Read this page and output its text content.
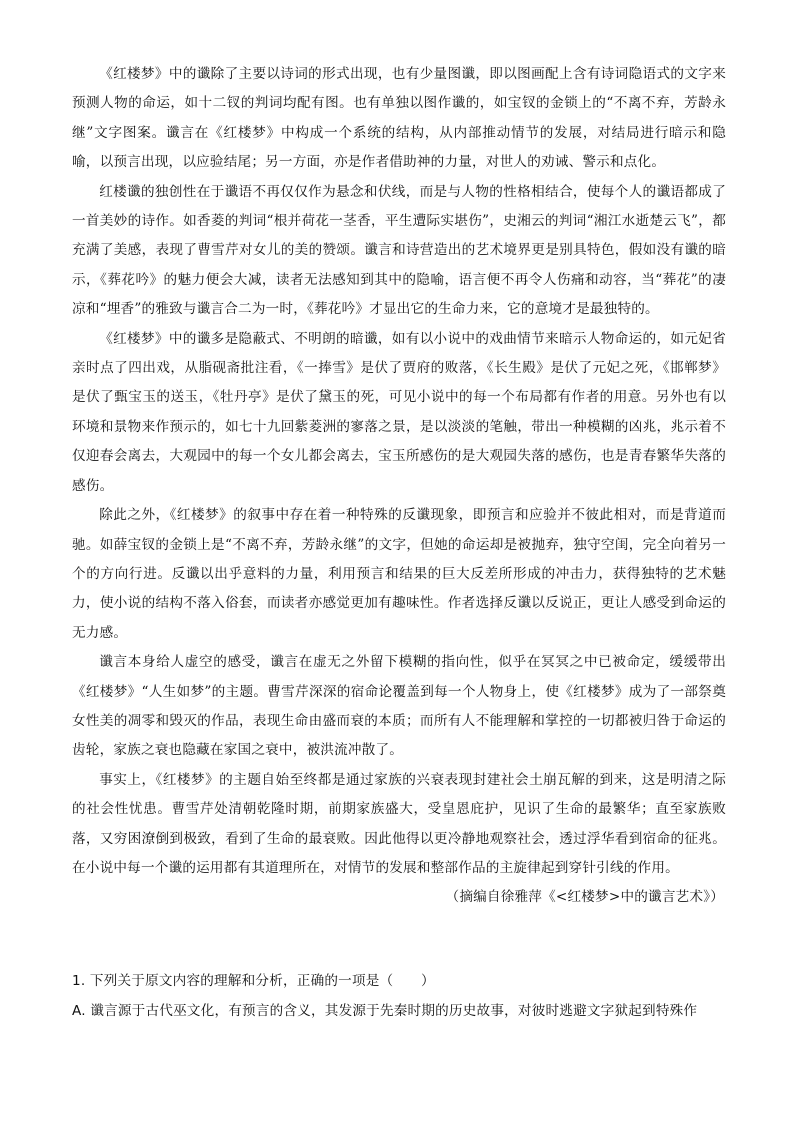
《红楼梦》中的谶除了主要以诗词的形式出现，也有少量图谶，即以图画配上含有诗词隐语式的文字来预测人物的命运，如十二钗的判词均配有图。也有单独以图作谶的，如宝钗的金锁上的“不离不弃，芳龄永继”文字图案。谶言在《红楼梦》中构成一个系统的结构，从内部推动情节的发展，对结局进行暗示和隐喻，以预言出现，以应验结尾；另一方面，亦是作者借助神的力量，对世人的劝诫、警示和点化。

红楼谶的独创性在于谶语不再仅仅作为悬念和伏线，而是与人物的性格相结合，使每个人的谶语都成了一首美妙的诗作。如香菱的判词“根并荷花一茎香，平生遭际实堪伤”，史湘云的判词“湘江水逝楚云飞”，都充满了美感，表现了曹雪芹对女儿的美的赞颂。谶言和诗营造出的艺术境界更是别具特色，假如没有谶的暗示，《葬花吟》的魅力便会大减，读者无法感知到其中的隐喻，语言便不再令人伤痛和动容，当“葬花”的凄凉和“埋香”的雅致与谶言合二为一时，《葬花吟》才显出它的生命力来，它的意境才是最独特的。

《红楼梦》中的谶多是隐蔽式、不明朗的暗谶，如有以小说中的戏曲情节来暗示人物命运的，如元妃省亲时点了四出戏，从脂砚斋批注看，《一捧雪》是伏了贾府的败落，《长生殿》是伏了元妃之死，《邯郸梦》是伏了甄宝玉的送玉，《牡丹亭》是伏了黛玉的死，可见小说中的每一个布局都有作者的用意。另外也有以环境和景物来作预示的，如七十九回紫菱洲的寥落之景，是以淡淡的笔触，带出一种模糊的凶兆，兆示着不仅迎春会离去，大观园中的每一个女儿都会离去，宝玉所感伤的是大观园失落的感伤，也是青春繁华失落的感伤。

除此之外，《红楼梦》的叙事中存在着一种特殊的反谶现象，即预言和应验并不彼此相对，而是背道而驰。如薛宝钗的金锁上是“不离不弃，芳龄永继”的文字，但她的命运却是被抛弃，独守空闺，完全向着另一个的方向行进。反谶以出乎意料的力量，利用预言和结果的巨大反差所形成的冲击力，获得独特的艺术魅力，使小说的结构不落入俗套，而读者亦感觉更加有趣味性。作者选择反谶以反说正，更让人感受到命运的无力感。

谶言本身给人虚空的感受，谶言在虚无之外留下模糊的指向性，似乎在冥冥之中已被命定，缓缓带出《红楼梦》“人生如梦”的主题。曹雪芹深深的宿命论覆盖到每一个人物身上，使《红楼梦》成为了一部祭奠女性美的凋零和毁灭的作品，表现生命由盛而衰的本质；而所有人不能理解和掌控的一切都被归咎于命运的齿轮，家族之衰也隐藏在家国之衰中，被洪流冲散了。

事实上，《红楼梦》的主题自始至终都是通过家族的兴衰表现封建社会土崩瓦解的到来，这是明清之际的社会性忧患。曹雪芹处清朝乾隆时期，前期家族盛大，受皇恩庇护，见识了生命的最繁华；直至家族败落，又穷困潦倒到极致，看到了生命的最衰败。因此他得以更冷静地观察社会，透过浮华看到宿命的征兆。在小说中每一个谶的运用都有其道理所在，对情节的发展和整部作品的主旋律起到穿针引线的作用。

（摘编自徐雅萍《<红楼梦>中的谶言艺术》）

1. 下列关于原文内容的理解和分析，正确的一项是（　　）

A. 谶言源于古代巫文化，有预言的含义，其发源于先秦时期的历史故事，对彼时逃避文字狱起到特殊作
